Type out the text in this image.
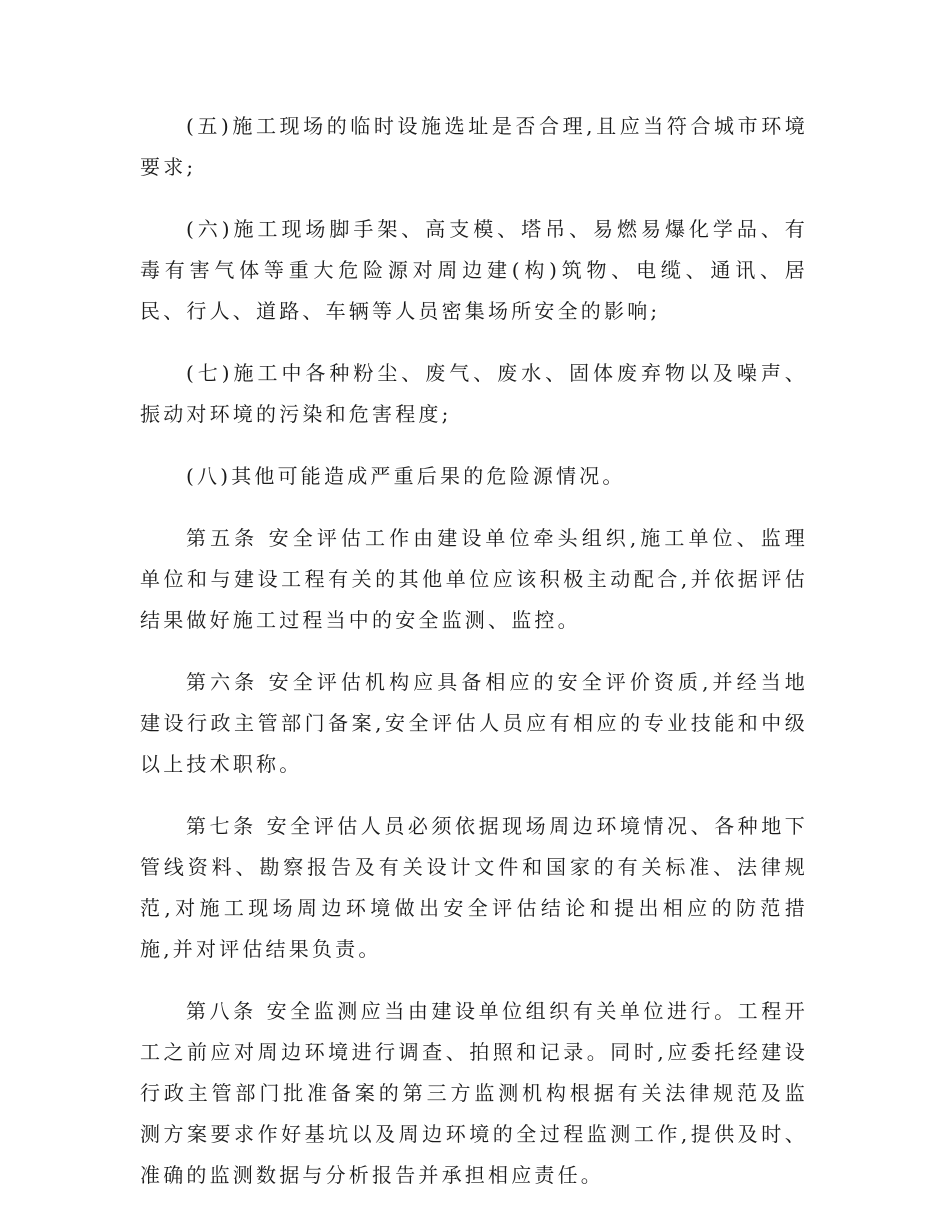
(五)施工现场的临时设施选址是否合理,且应当符合城市环境要求;

(六)施工现场脚手架、高支模、塔吊、易燃易爆化学品、有毒有害气体等重大危险源对周边建(构)筑物、电缆、通讯、居民、行人、道路、车辆等人员密集场所安全的影响;

(七)施工中各种粉尘、废气、废水、固体废弃物以及噪声、振动对环境的污染和危害程度;

(八)其他可能造成严重后果的危险源情况。

第五条 安全评估工作由建设单位牵头组织,施工单位、监理单位和与建设工程有关的其他单位应该积极主动配合,并依据评估结果做好施工过程当中的安全监测、监控。

第六条 安全评估机构应具备相应的安全评价资质,并经当地建设行政主管部门备案,安全评估人员应有相应的专业技能和中级以上技术职称。

第七条 安全评估人员必须依据现场周边环境情况、各种地下管线资料、勘察报告及有关设计文件和国家的有关标准、法律规范,对施工现场周边环境做出安全评估结论和提出相应的防范措施,并对评估结果负责。

第八条 安全监测应当由建设单位组织有关单位进行。工程开工之前应对周边环境进行调查、拍照和记录。同时,应委托经建设行政主管部门批准备案的第三方监测机构根据有关法律规范及监测方案要求作好基坑以及周边环境的全过程监测工作,提供及时、准确的监测数据与分析报告并承担相应责任。
